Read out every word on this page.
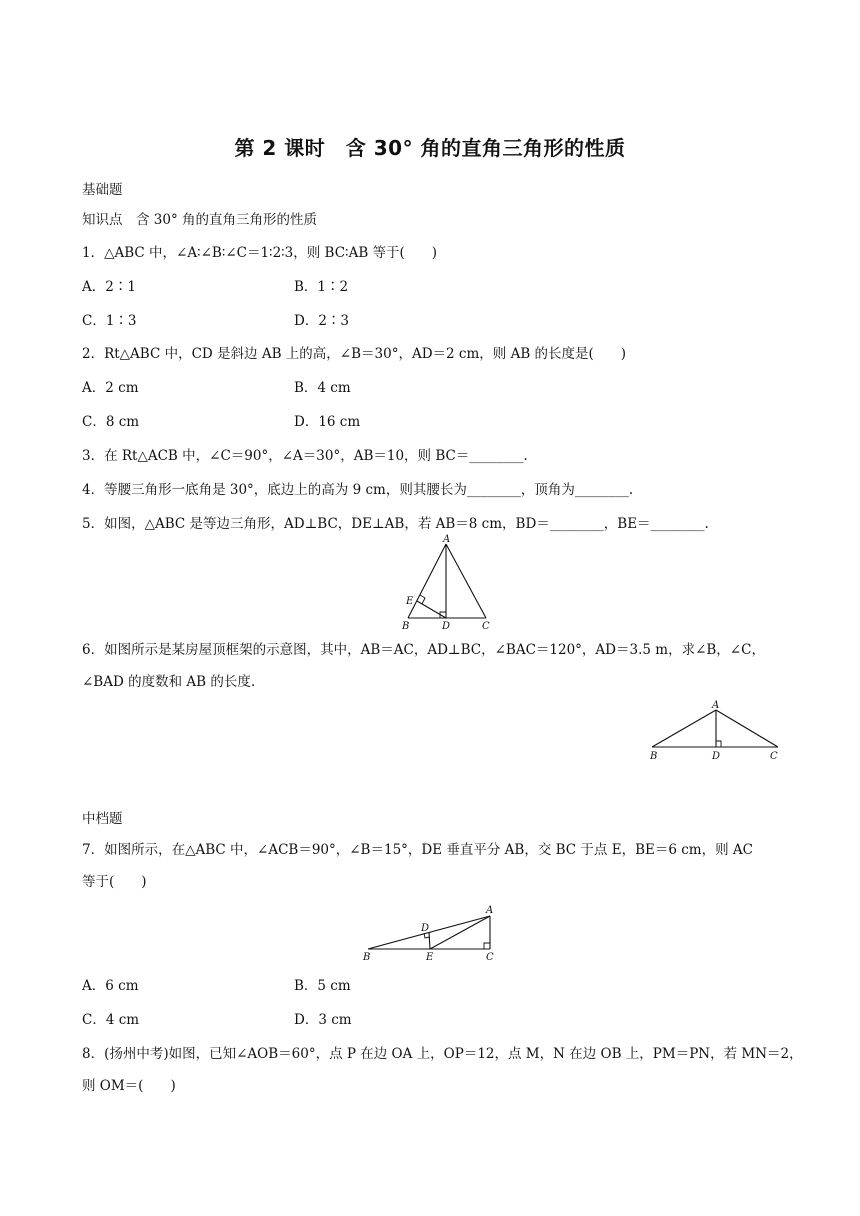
第 2 课时　含 30° 角的直角三角形的性质
基础题
知识点　含 30° 角的直角三角形的性质
1．△ABC 中，∠A∶∠B∶∠C＝1∶2∶3，则 BC∶AB 等于(　　)
A．2∶1	B．1∶2
C．1∶3	D．2∶3
2．Rt△ABC 中，CD 是斜边 AB 上的高，∠B＝30°，AD＝2 cm，则 AB 的长度是(　　)
A．2 cm	B．4 cm
C．8 cm	D．16 cm
3．在 Rt△ACB 中，∠C＝90°，∠A＝30°，AB＝10，则 BC＝________.
4．等腰三角形一底角是 30°，底边上的高为 9 cm，则其腰长为________，顶角为________.
5．如图，△ABC 是等边三角形，AD⊥BC，DE⊥AB，若 AB＝8 cm，BD＝________，BE＝________.
A
B	C
D
E
6．如图所示是某房屋顶框架的示意图，其中，AB＝AC，AD⊥BC，∠BAC＝120°，AD＝3.5 m，求∠B，∠C，
∠BAD 的度数和 AB 的长度.
A
B	D	C
中档题
7．如图所示，在△ABC 中，∠ACB＝90°，∠B＝15°，DE 垂直平分 AB，交 BC 于点 E，BE＝6 cm，则 AC
等于(　　)
A
B	E	C
D
A．6 cm	B．5 cm
C．4 cm	D．3 cm
8．(扬州中考)如图，已知∠AOB＝60°，点 P 在边 OA 上，OP＝12，点 M，N 在边 OB 上，PM＝PN，若 MN＝2，
则 OM＝(　　)
